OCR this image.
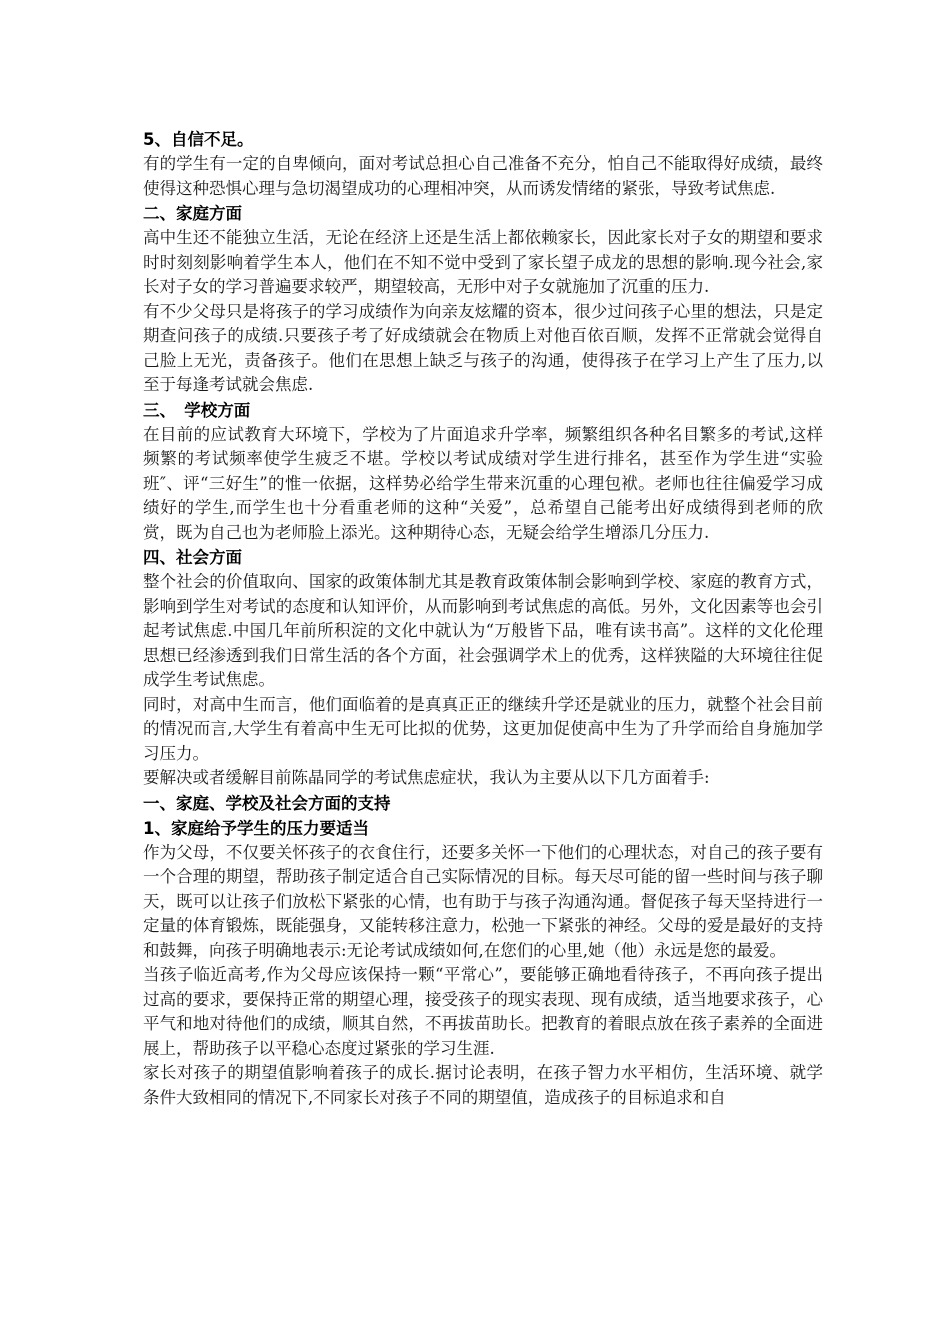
5、自信不足。

有的学生有一定的自卑倾向，面对考试总担心自己准备不充分，怕自己不能取得好成绩，最终使得这种恐惧心理与急切渴望成功的心理相冲突，从而诱发情绪的紧张，导致考试焦虑.

二、家庭方面

高中生还不能独立生活，无论在经济上还是生活上都依赖家长，因此家长对子女的期望和要求时时刻刻影响着学生本人，他们在不知不觉中受到了家长望子成龙的思想的影响.现今社会,家长对子女的学习普遍要求较严，期望较高，无形中对子女就施加了沉重的压力.

有不少父母只是将孩子的学习成绩作为向亲友炫耀的资本，很少过问孩子心里的想法，只是定期查问孩子的成绩.只要孩子考了好成绩就会在物质上对他百依百顺，发挥不正常就会觉得自己脸上无光，责备孩子。他们在思想上缺乏与孩子的沟通，使得孩子在学习上产生了压力,以至于每逢考试就会焦虑.

三、　学校方面

在目前的应试教育大环境下，学校为了片面追求升学率，频繁组织各种名目繁多的考试,这样频繁的考试频率使学生疲乏不堪。学校以考试成绩对学生进行排名，甚至作为学生进“实验班″、评“三好生”的惟一依据，这样势必给学生带来沉重的心理包袱。老师也往往偏爱学习成绩好的学生,而学生也十分看重老师的这种“关爱”，总希望自己能考出好成绩得到老师的欣赏，既为自己也为老师脸上添光。这种期待心态，无疑会给学生增添几分压力.

四、社会方面

整个社会的价值取向、国家的政策体制尤其是教育政策体制会影响到学校、家庭的教育方式，影响到学生对考试的态度和认知评价，从而影响到考试焦虑的高低。另外，文化因素等也会引起考试焦虑.中国几年前所积淀的文化中就认为“万般皆下品，唯有读书高”。这样的文化伦理思想已经渗透到我们日常生活的各个方面，社会强调学术上的优秀，这样狭隘的大环境往往促成学生考试焦虑。

同时，对高中生而言，他们面临着的是真真正正的继续升学还是就业的压力，就整个社会目前的情况而言,大学生有着高中生无可比拟的优势，这更加促使高中生为了升学而给自身施加学习压力。

要解决或者缓解目前陈晶同学的考试焦虑症状，我认为主要从以下几方面着手:

一、家庭、学校及社会方面的支持
1、家庭给予学生的压力要适当

作为父母，不仅要关怀孩子的衣食住行，还要多关怀一下他们的心理状态，对自己的孩子要有一个合理的期望，帮助孩子制定适合自己实际情况的目标。每天尽可能的留一些时间与孩子聊天，既可以让孩子们放松下紧张的心情，也有助于与孩子沟通沟通。督促孩子每天坚持进行一定量的体育锻炼，既能强身，又能转移注意力，松弛一下紧张的神经。父母的爱是最好的支持和鼓舞，向孩子明确地表示:无论考试成绩如何,在您们的心里,她（他）永远是您的最爱。

当孩子临近高考,作为父母应该保持一颗“平常心”，要能够正确地看待孩子，不再向孩子提出过高的要求，要保持正常的期望心理，接受孩子的现实表现、现有成绩，适当地要求孩子，心平气和地对待他们的成绩，顺其自然，不再拔苗助长。把教育的着眼点放在孩子素养的全面进展上，帮助孩子以平稳心态度过紧张的学习生涯.

家长对孩子的期望值影响着孩子的成长.据讨论表明，在孩子智力水平相仿，生活环境、就学条件大致相同的情况下,不同家长对孩子不同的期望值，造成孩子的目标追求和自
